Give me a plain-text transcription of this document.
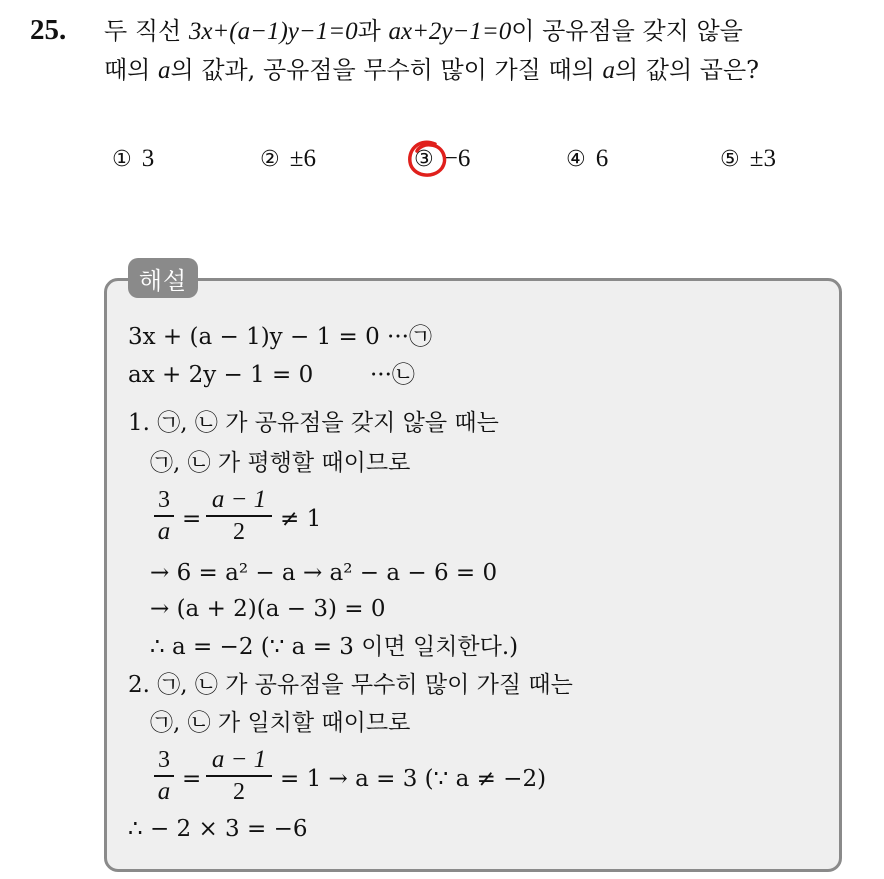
25. 두 직선 3x+(a−1)y−1=0과 ax+2y−1=0이 공유점을 갖지 않을
때의 a의 값과, 공유점을 무수히 많이 가질 때의 a의 값의 곱은?
① 3	② ±6	③ −6	④ 6	⑤ ±3
해설
3x + (a − 1)y − 1 = 0 ···㉠
ax + 2y − 1 = 0 ···㉡
1. ㉠, ㉡ 가 공유점을 갖지 않을 때는
㉠, ㉡ 가 평행할 때이므로
3
a =
a − 1
2	≠ 1
→ 6 = a² − a → a² − a − 6 = 0
→ (a + 2)(a − 3) = 0
∴ a = −2 (∵ a = 3 이면 일치한다.)
2. ㉠, ㉡ 가 공유점을 무수히 많이 가질 때는
㉠, ㉡ 가 일치할 때이므로
3
a =
a − 1
2	= 1 → a = 3 (∵ a ≠ −2)
∴ − 2 × 3 = −6
